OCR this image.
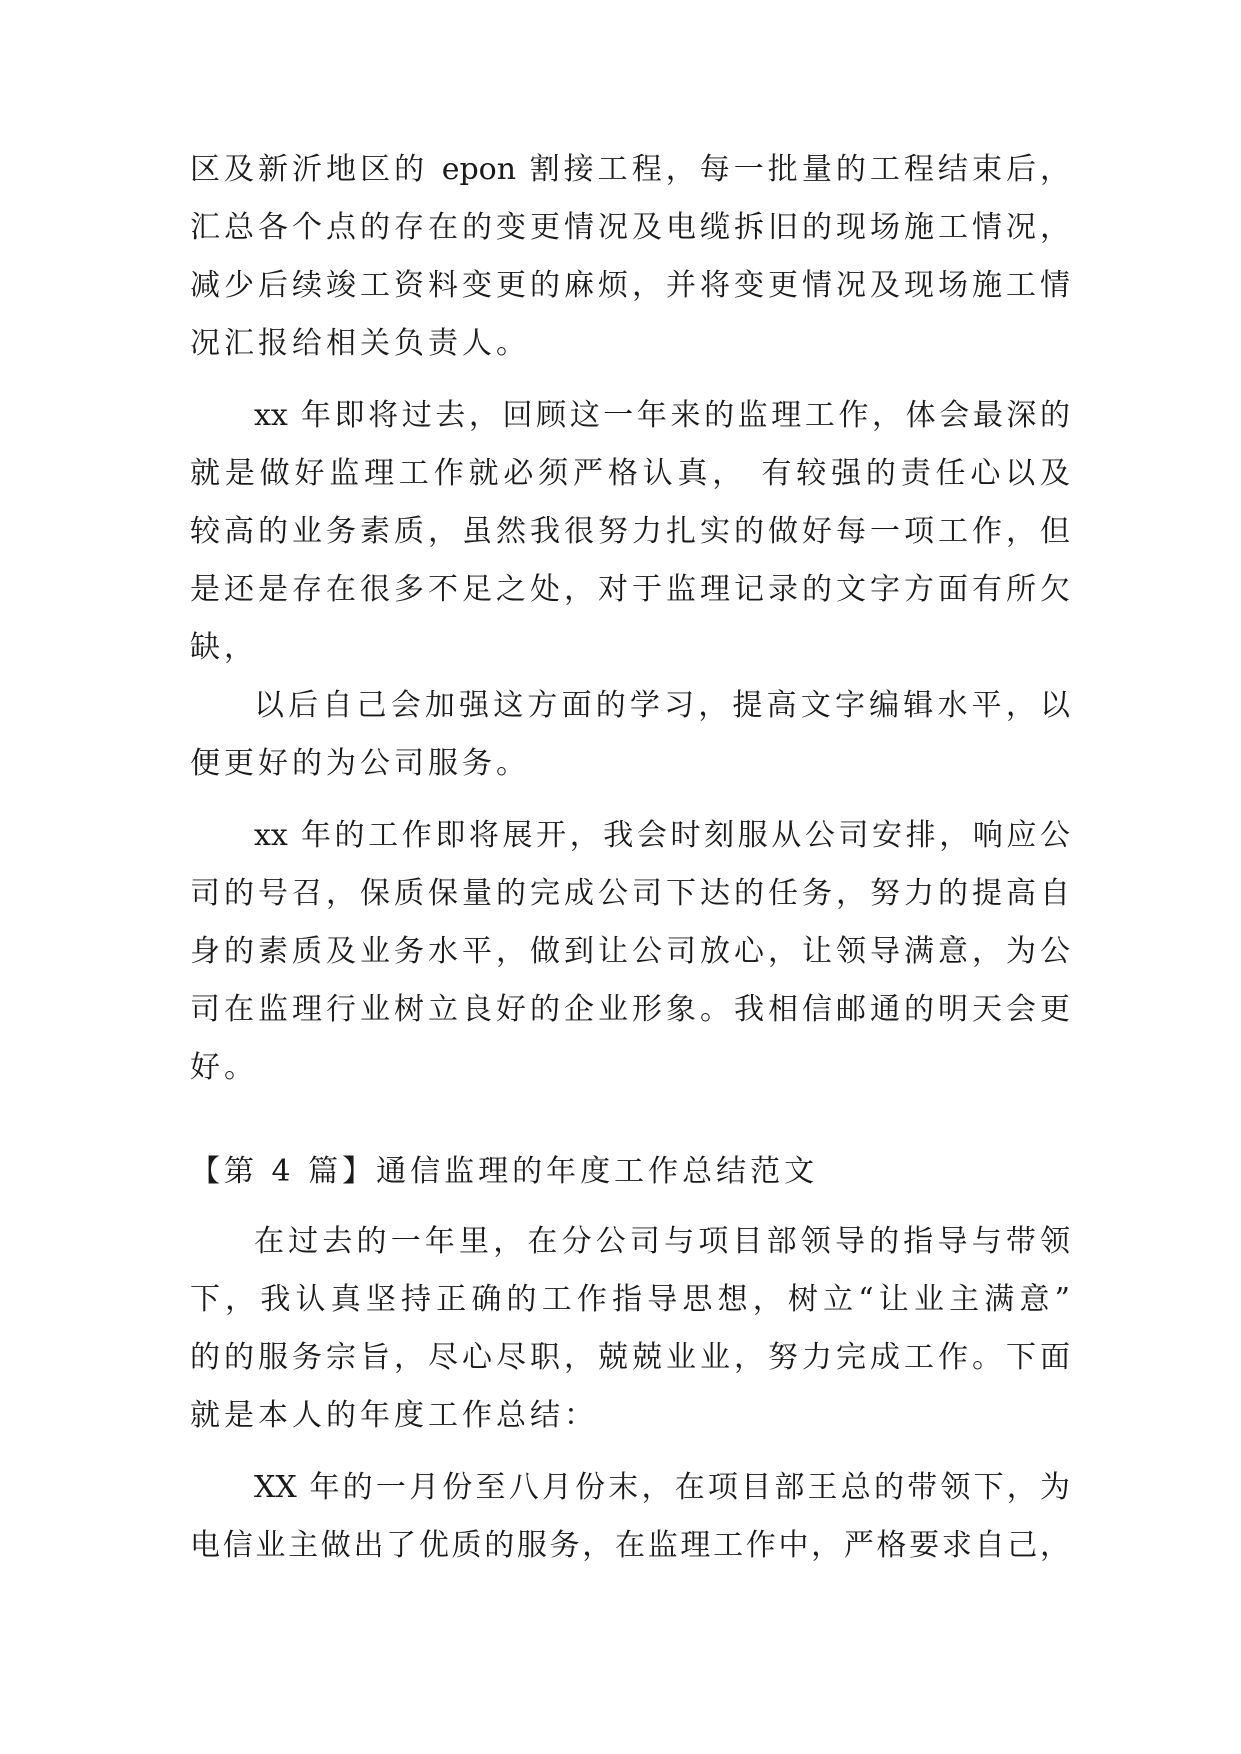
区及新沂地区的 epon 割接工程，每一批量的工程结束后，
汇总各个点的存在的变更情况及电缆拆旧的现场施工情况，
减少后续竣工资料变更的麻烦，并将变更情况及现场施工情
况汇报给相关负责人。
xx 年即将过去，回顾这一年来的监理工作，体会最深的
就是做好监理工作就必须严格认真， 有较强的责任心以及
较高的业务素质，虽然我很努力扎实的做好每一项工作，但
是还是存在很多不足之处，对于监理记录的文字方面有所欠
缺，
以后自己会加强这方面的学习，提高文字编辑水平，以
便更好的为公司服务。
xx 年的工作即将展开，我会时刻服从公司安排，响应公
司的号召，保质保量的完成公司下达的任务，努力的提高自
身的素质及业务水平，做到让公司放心，让领导满意，为公
司在监理行业树立良好的企业形象。我相信邮通的明天会更
好。
【第 4 篇】通信监理的年度工作总结范文
在过去的一年里，在分公司与项目部领导的指导与带领
下，我认真坚持正确的工作指导思想，树立“让业主满意”
的的服务宗旨，尽心尽职，兢兢业业，努力完成工作。下面
就是本人的年度工作总结：
XX 年的一月份至八月份末，在项目部王总的带领下，为
电信业主做出了优质的服务，在监理工作中，严格要求自己，
